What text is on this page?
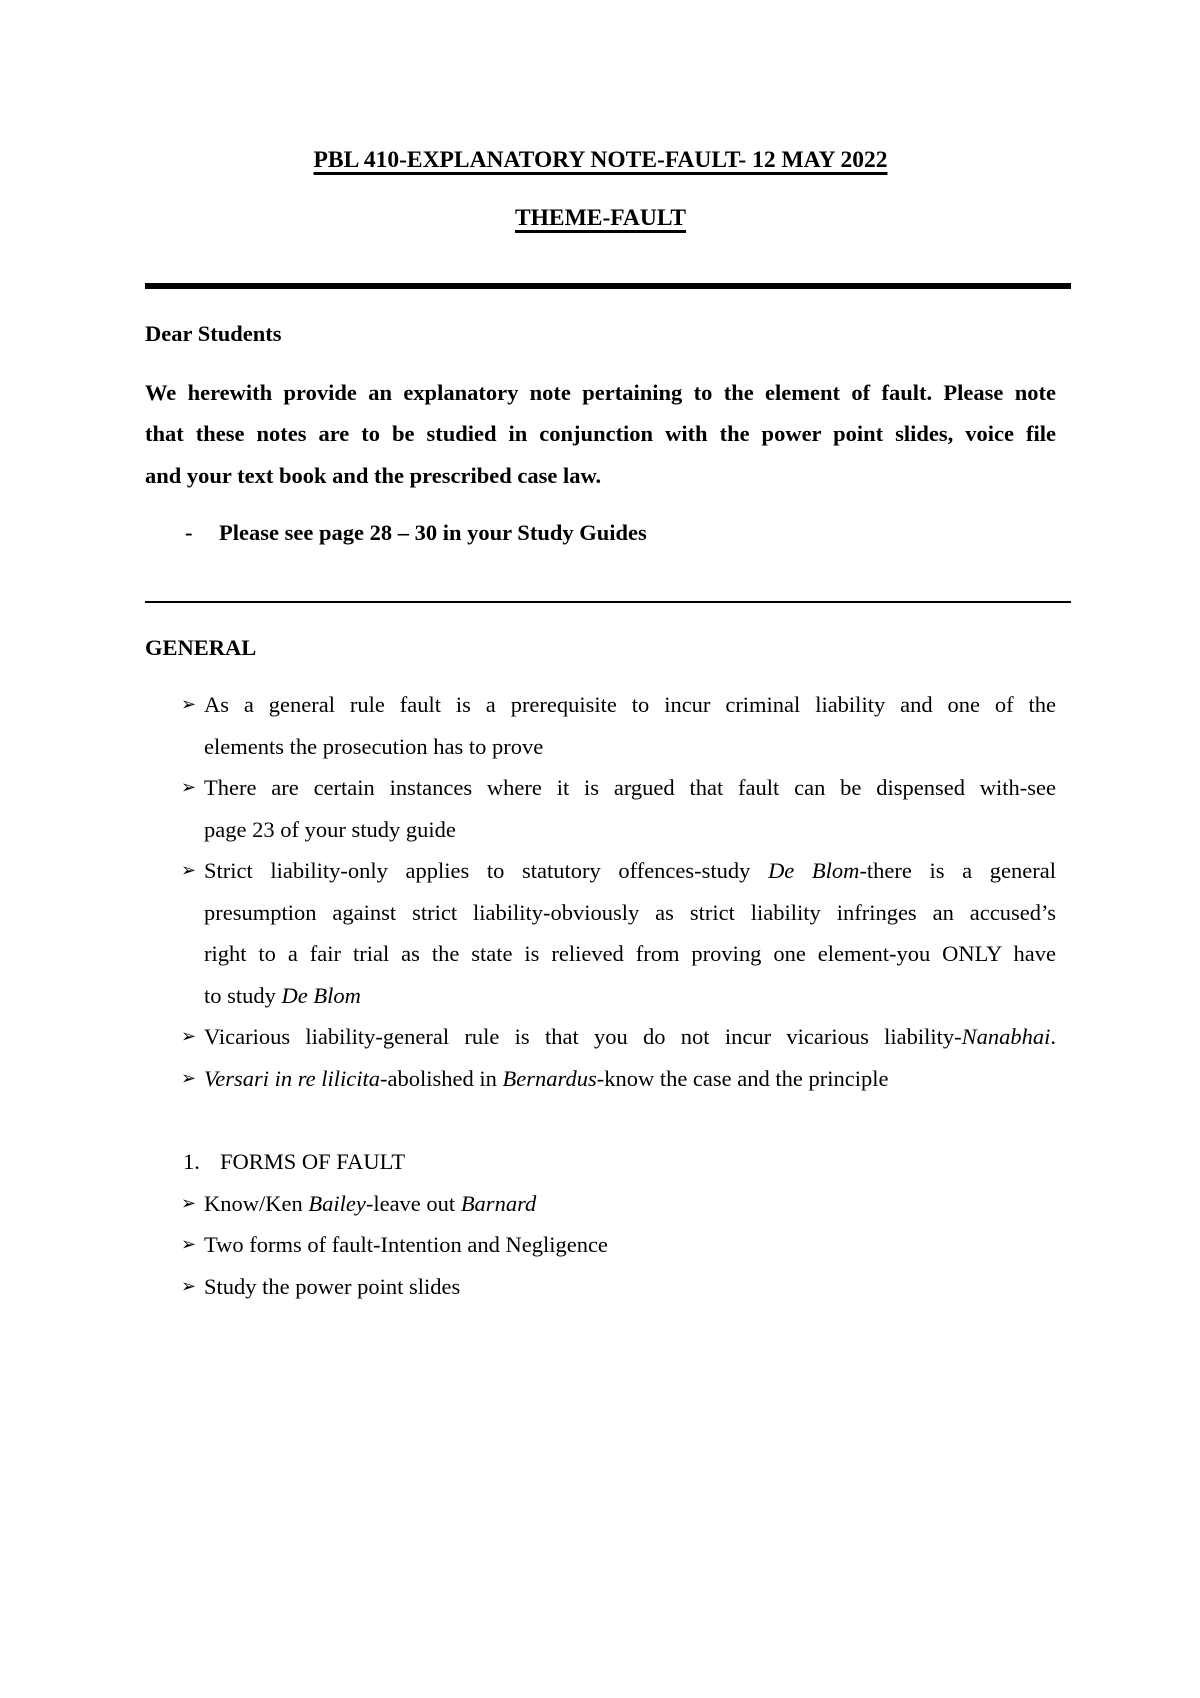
PBL 410-EXPLANATORY NOTE-FAULT- 12 MAY 2022
THEME-FAULT

Dear Students

We herewith provide an explanatory note pertaining to the element of fault. Please note
that these notes are to be studied in conjunction with the power point slides, voice file
and your text book and the prescribed case law.
- Please see page 28 – 30 in your Study Guides

GENERAL

➢ As a general rule fault is a prerequisite to incur criminal liability and one of the
elements the prosecution has to prove
➢ There are certain instances where it is argued that fault can be dispensed with-see
page 23 of your study guide
➢ Strict liability-only applies to statutory offences-study De Blom-there is a general
presumption against strict liability-obviously as strict liability infringes an accused’s
right to a fair trial as the state is relieved from proving one element-you ONLY have
to study De Blom
➢ Vicarious liability-general rule is that you do not incur vicarious liability-Nanabhai.
➢ Versari in re lilicita-abolished in Bernardus-know the case and the principle
1. FORMS OF FAULT
➢ Know/Ken Bailey-leave out Barnard
➢ Two forms of fault-Intention and Negligence
➢ Study the power point slides
